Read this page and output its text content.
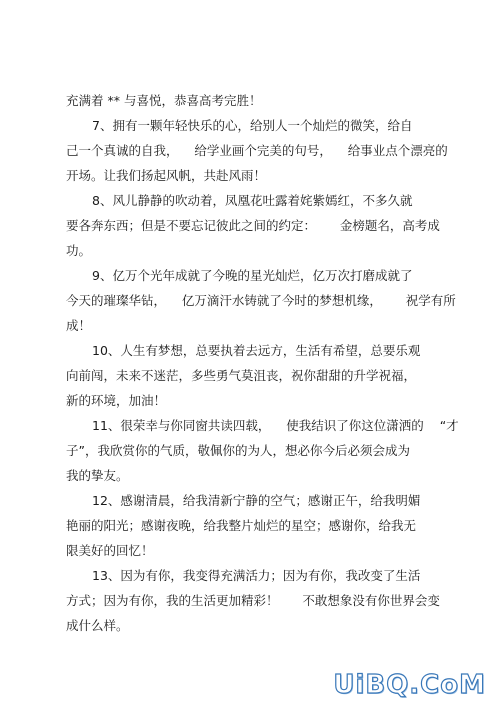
充满着 ** 与喜悦，恭喜高考完胜！

7、拥有一颗年轻快乐的心，给别人一个灿烂的微笑，给自

己一个真诚的自我，    给学业画个完美的句号，    给事业点个漂亮的

开场。让我们扬起风帆，共赴风雨！

8、风儿静静的吹动着，凤凰花吐露着姹紫嫣红，不多久就

要各奔东西；但是不要忘记彼此之间的约定：      金榜题名，高考成

功。

9、亿万个光年成就了今晚的星光灿烂，亿万次打磨成就了

今天的璀璨华钻，    亿万滴汗水铸就了今时的梦想机缘，      祝学有所

成！

10、人生有梦想，总要执着去远方，生活有希望，总要乐观

向前闯，未来不迷茫，多些勇气莫沮丧，祝你甜甜的升学祝福，

新的环境，加油！

11、很荣幸与你同窗共读四载，    使我结识了你这位潇洒的    “才

子”，我欣赏你的气质，敬佩你的为人，想必你今后必须会成为

我的挚友。

12、感谢清晨，给我清新宁静的空气；感谢正午，给我明媚

艳丽的阳光；感谢夜晚，给我整片灿烂的星空；感谢你，给我无

限美好的回忆！

13、因为有你，我变得充满活力；因为有你，我改变了生活

方式；因为有你，我的生活更加精彩！      不敢想象没有你世界会变

成什么样。

UiBQ.CoM
